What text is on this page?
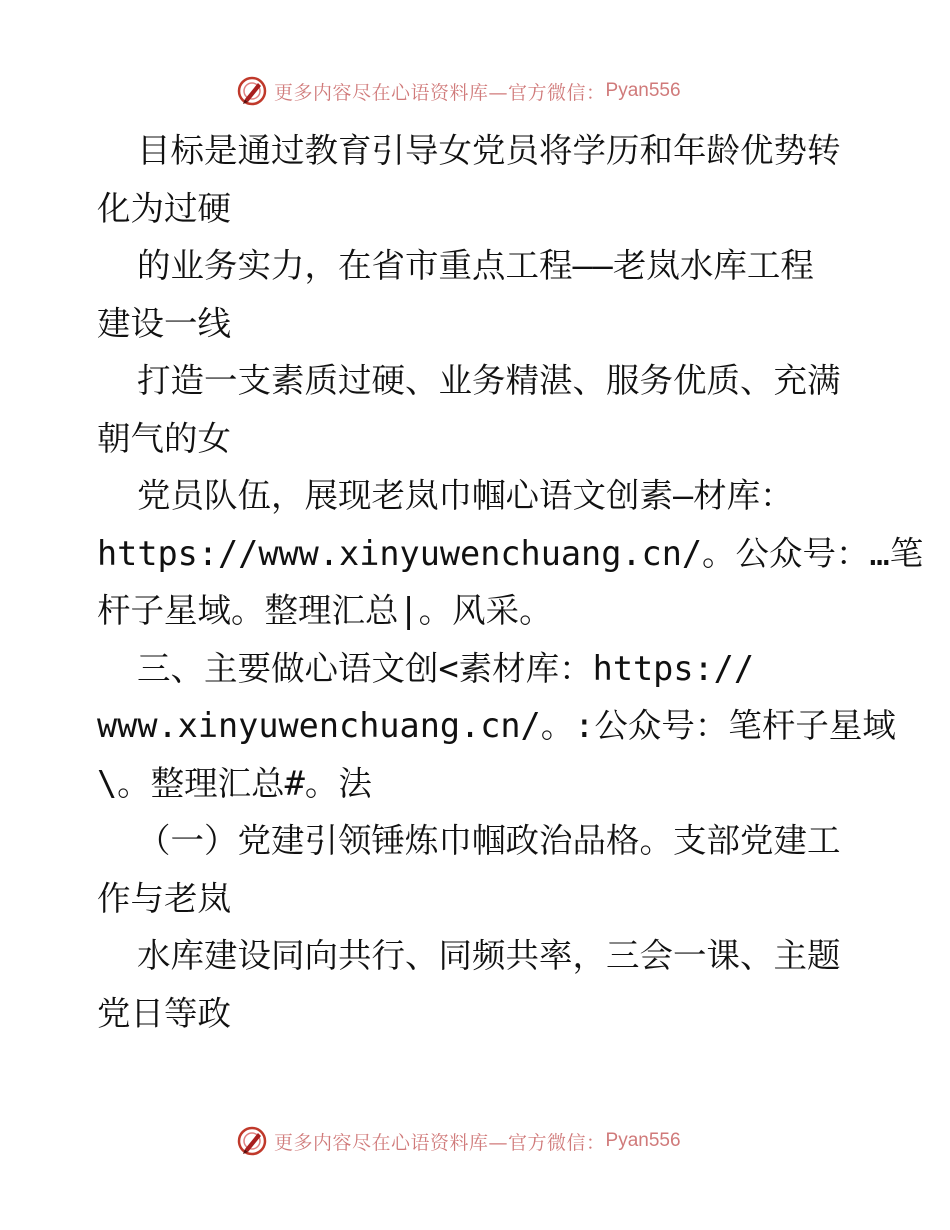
更多内容尽在心语资料库—官方微信： Pyan556
目标是通过教育引导女党员将学历和年龄优势转
化为过硬
的业务实力，在省市重点工程——老岚水库工程
建设一线
打造一支素质过硬、业务精湛、服务优质、充满
朝气的女
党员队伍，展现老岚巾帼心语文创素—材库：
https://www.xinyuwenchuang.cn/。公众号：…笔
杆子星域。整理汇总|。风采。
三、主要做心语文创<素材库：https://
www.xinyuwenchuang.cn/。:公众号：笔杆子星域
\。整理汇总#。法
（一）党建引领锤炼巾帼政治品格。支部党建工
作与老岚
水库建设同向共行、同频共率，三会一课、主题
党日等政
更多内容尽在心语资料库—官方微信： Pyan556
